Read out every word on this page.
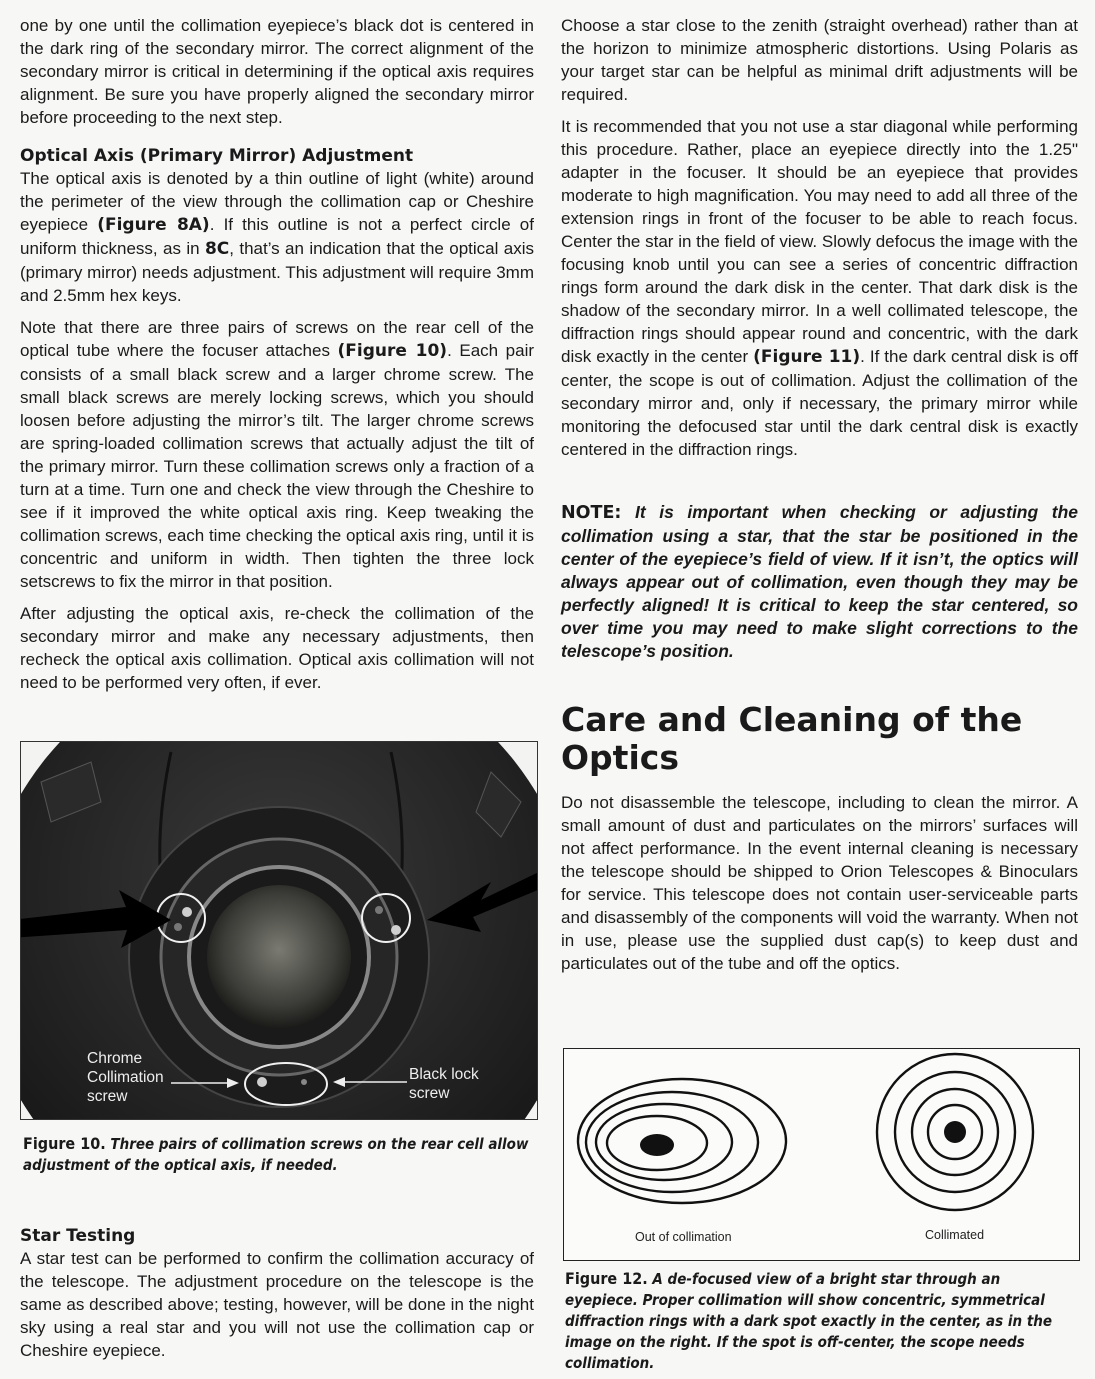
one by one until the collimation eyepiece’s black dot is centered in the dark ring of the secondary mirror. The correct alignment of the secondary mirror is critical in determining if the optical axis requires alignment. Be sure you have properly aligned the secondary mirror before proceeding to the next step.

Optical Axis (Primary Mirror) Adjustment

The optical axis is denoted by a thin outline of light (white) around the perimeter of the view through the collimation cap or Cheshire eyepiece (Figure 8A). If this outline is not a perfect circle of uniform thickness, as in 8C, that’s an indication that the optical axis (primary mirror) needs adjustment. This adjustment will require 3mm and 2.5mm hex keys.

Note that there are three pairs of screws on the rear cell of the optical tube where the focuser attaches (Figure 10). Each pair consists of a small black screw and a larger chrome screw. The small black screws are merely locking screws, which you should loosen before adjusting the mirror’s tilt. The larger chrome screws are spring-loaded collimation screws that actually adjust the tilt of the primary mirror. Turn these collimation screws only a fraction of a turn at a time. Turn one and check the view through the Cheshire to see if it improved the white optical axis ring. Keep tweaking the collimation screws, each time checking the optical axis ring, until it is concentric and uniform in width. Then tighten the three lock setscrews to fix the mirror in that position.

After adjusting the optical axis, re-check the collimation of the secondary mirror and make any necessary adjustments, then recheck the optical axis collimation. Optical axis collimation will not need to be performed very often, if ever.

Chrome
Collimation
screw
Black lock
screw
Figure 10. Three pairs of collimation screws on the rear cell allow adjustment of the optical axis, if needed.
Star Testing

A star test can be performed to confirm the collimation accuracy of the telescope. The adjustment procedure on the telescope is the same as described above; testing, however, will be done in the night sky using a real star and you will not use the collimation cap or Cheshire eyepiece.

Choose a star close to the zenith (straight overhead) rather than at the horizon to minimize atmospheric distortions. Using Polaris as your target star can be helpful as minimal drift adjustments will be required.

It is recommended that you not use a star diagonal while performing this procedure. Rather, place an eyepiece directly into the 1.25" adapter in the focuser. It should be an eyepiece that provides moderate to high magnification. You may need to add all three of the extension rings in front of the focuser to be able to reach focus. Center the star in the field of view. Slowly defocus the image with the focusing knob until you can see a series of concentric diffraction rings form around the dark disk in the center. That dark disk is the shadow of the secondary mirror. In a well collimated telescope, the diffraction rings should appear round and concentric, with the dark disk exactly in the center (Figure 11). If the dark central disk is off center, the scope is out of collimation. Adjust the collimation of the secondary mirror and, only if necessary, the primary mirror while monitoring the defocused star until the dark central disk is exactly centered in the diffraction rings.

NOTE: It is important when checking or adjusting the collimation using a star, that the star be positioned in the center of the eyepiece’s field of view. If it isn’t, the optics will always appear out of collimation, even though they may be perfectly aligned! It is critical to keep the star centered, so over time you may need to make slight corrections to the telescope’s position.
Care and Cleaning of the Optics

Do not disassemble the telescope, including to clean the mirror. A small amount of dust and particulates on the mirrors’ surfaces will not affect performance. In the event internal cleaning is necessary the telescope should be shipped to Orion Telescopes & Binoculars for service. This telescope does not contain user-serviceable parts and disassembly of the components will void the warranty. When not in use, please use the supplied dust cap(s) to keep dust and particulates out of the tube and off the optics.

Out of collimation	Collimated
Figure 12. A de-focused view of a bright star through an eyepiece. Proper collimation will show concentric, symmetrical diffraction rings with a dark spot exactly in the center, as in the image on the right. If the spot is off-center, the scope needs collimation.
